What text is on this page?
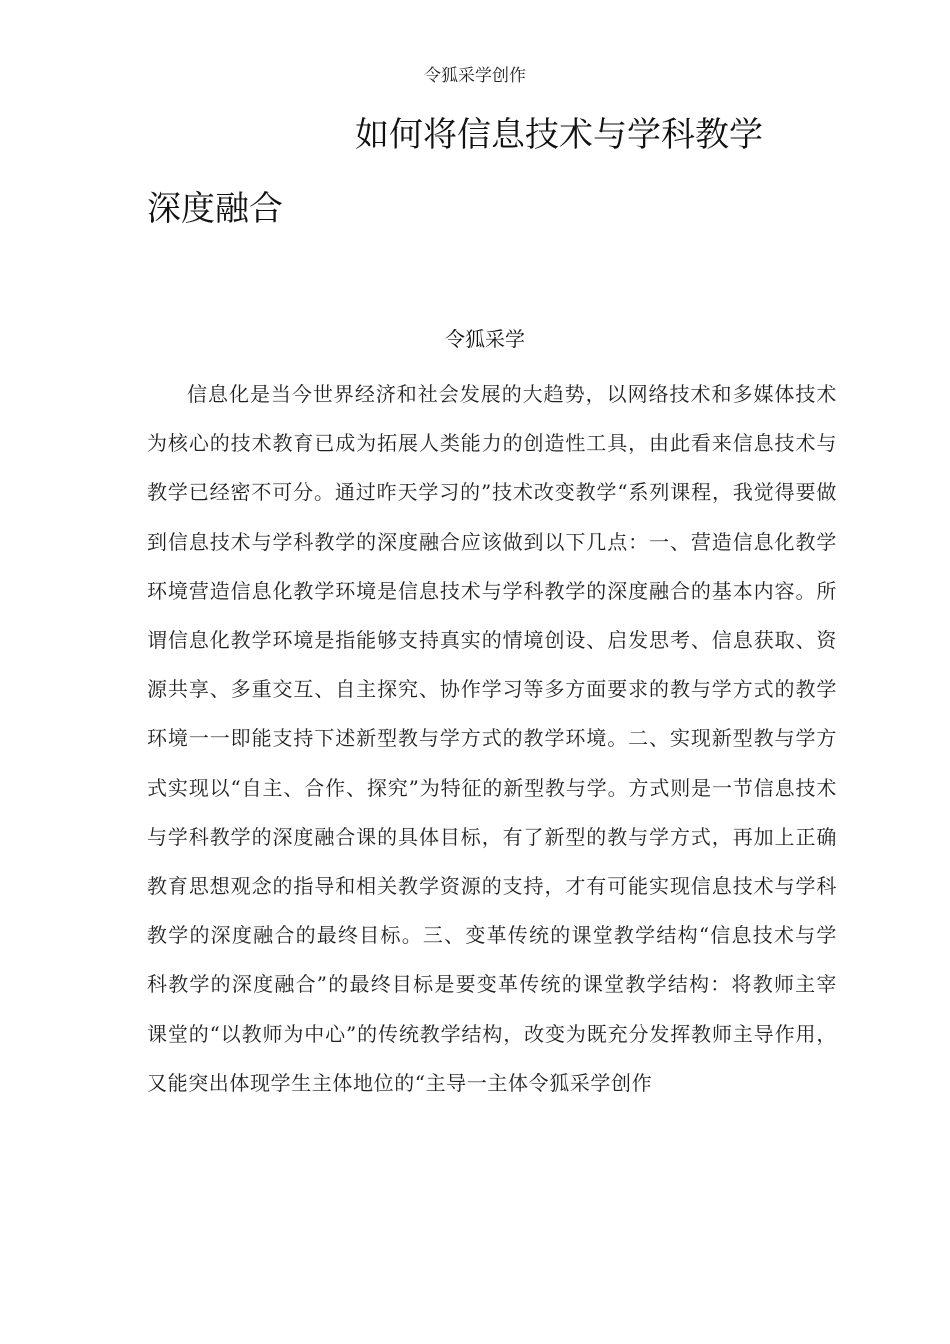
令狐采学创作
如何将信息技术与学科教学
深度融合
令狐采学

信息化是当今世界经济和社会发展的大趋势，以网络技术和多媒体技术为核心的技术教育已成为拓展人类能力的创造性工具，由此看来信息技术与教学已经密不可分。通过昨天学习的”技术改变教学“系列课程，我觉得要做到信息技术与学科教学的深度融合应该做到以下几点：一、营造信息化教学环境营造信息化教学环境是信息技术与学科教学的深度融合的基本内容。所谓信息化教学环境是指能够支持真实的情境创设、启发思考、信息获取、资源共享、多重交互、自主探究、协作学习等多方面要求的教与学方式的教学环境一一即能支持下述新型教与学方式的教学环境。二、实现新型教与学方式实现以“自主、合作、探究”为特征的新型教与学。方式则是一节信息技术与学科教学的深度融合课的具体目标，有了新型的教与学方式，再加上正确教育思想观念的指导和相关教学资源的支持，才有可能实现信息技术与学科教学的深度融合的最终目标。三、变革传统的课堂教学结构“信息技术与学科教学的深度融合”的最终目标是要变革传统的课堂教学结构：将教师主宰课堂的“以教师为中心”的传统教学结构，改变为既充分发挥教师主导作用，又能突出体现学生主体地位的“主导一主体令狐采学创作
